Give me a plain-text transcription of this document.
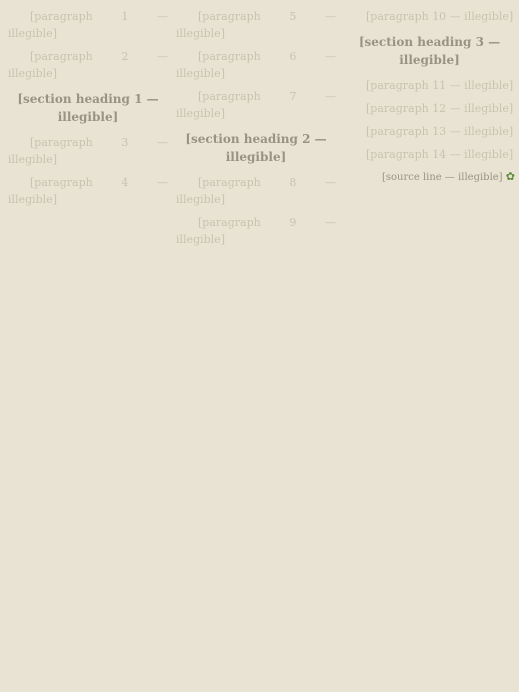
[paragraph 1 — illegible]

[paragraph 2 — illegible]

[section heading 1 — illegible]

[paragraph 3 — illegible]

[paragraph 4 — illegible]

[paragraph 5 — illegible]

[paragraph 6 — illegible]

[paragraph 7 — illegible]

[section heading 2 — illegible]

[paragraph 8 — illegible]

[paragraph 9 — illegible]

[paragraph 10 — illegible]

[section heading 3 — illegible]

[paragraph 11 — illegible]

[paragraph 12 — illegible]

[paragraph 13 — illegible]

[paragraph 14 — illegible]

[source line — illegible] ✿
